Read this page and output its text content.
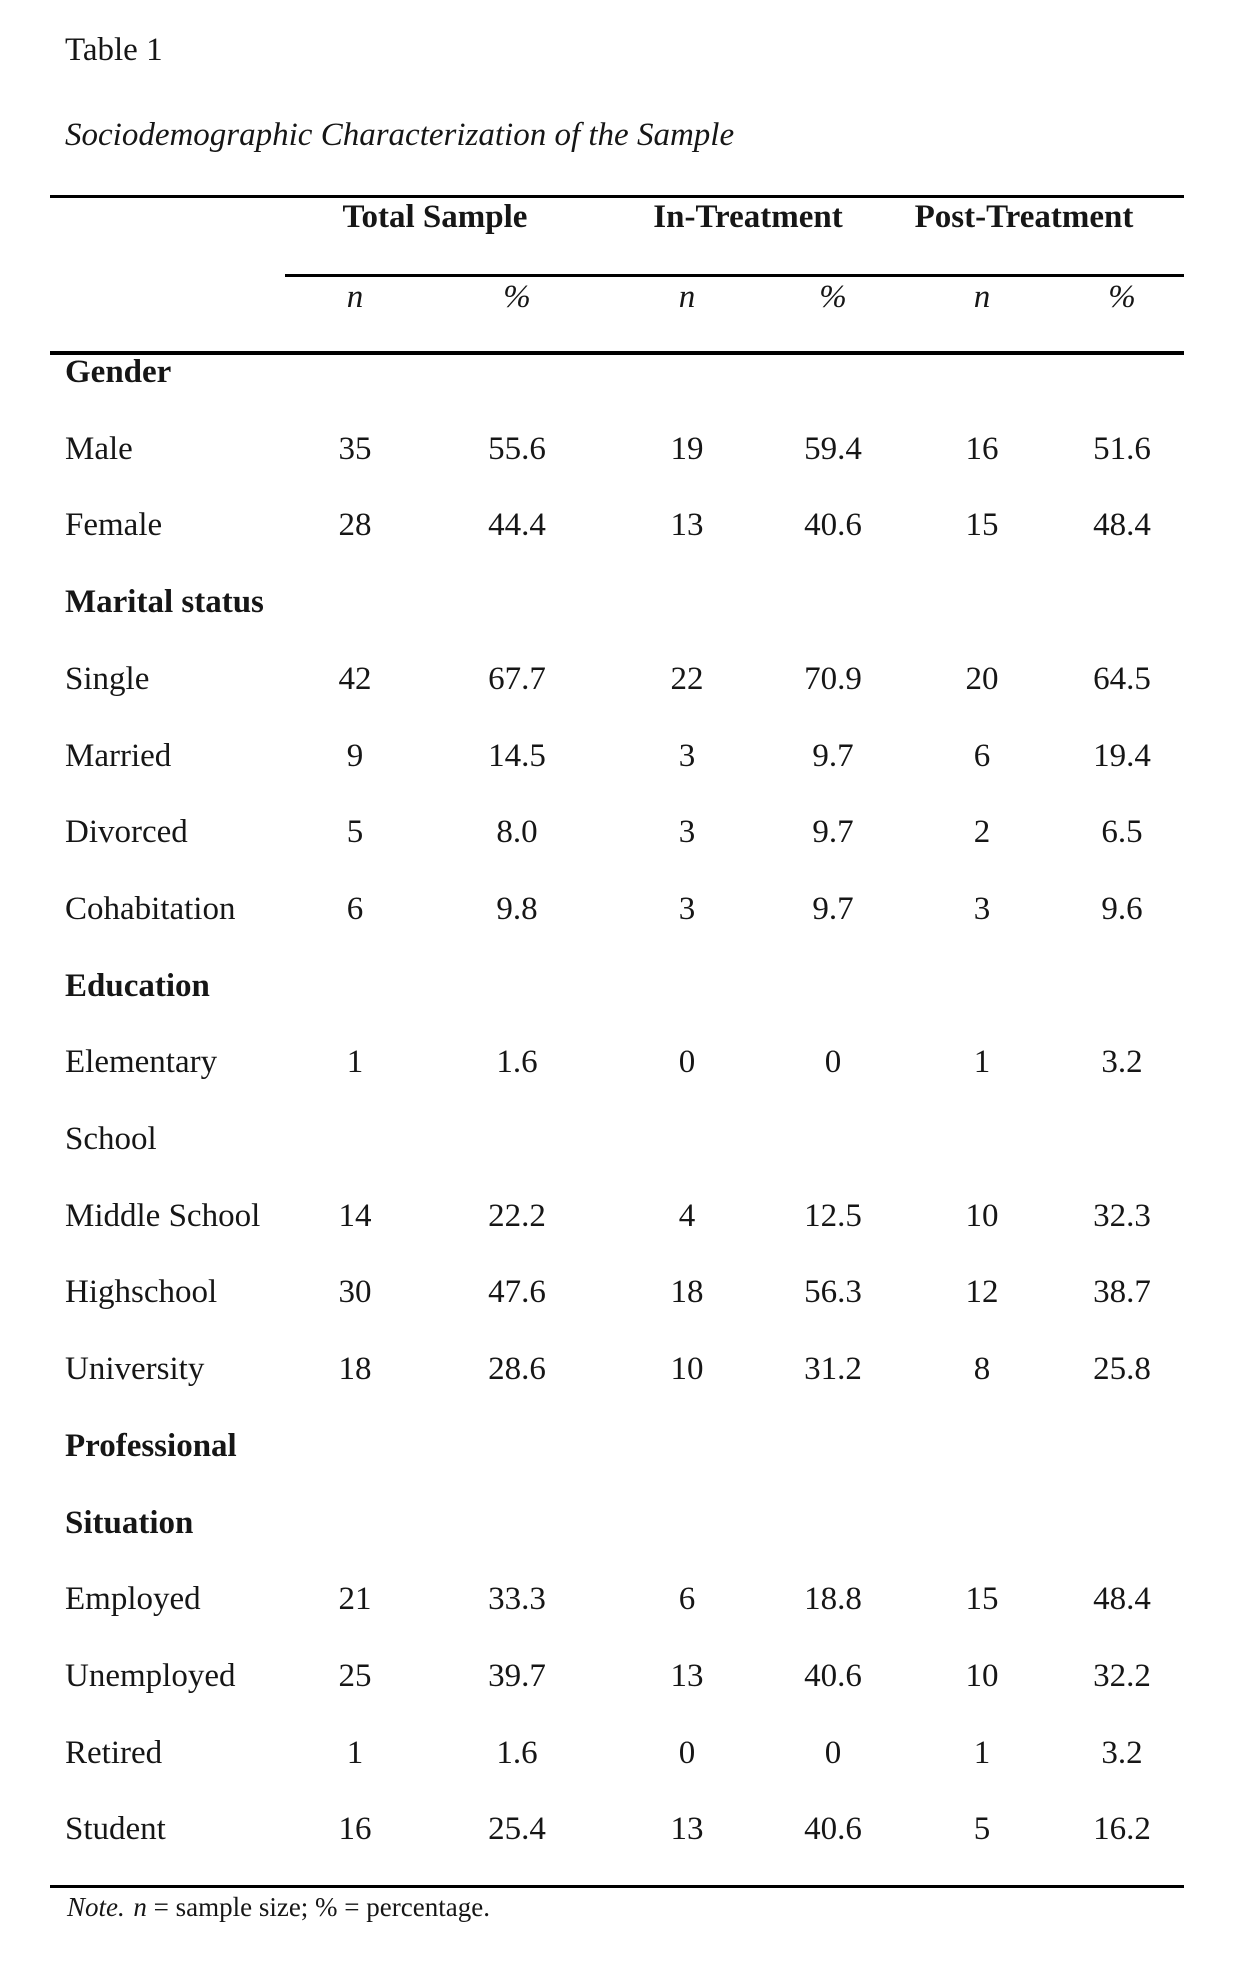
Table 1
Sociodemographic Characterization of the Sample
Total Sample	In-Treatment Post-Treatment
n	%	n	%	n	%
Gender
Male	35	55.6	19	59.4	16	51.6
Female	28	44.4	13	40.6	15	48.4
Marital status
Single	42	67.7	22	70.9	20	64.5
Married	9	14.5	3	9.7	6	19.4
Divorced	5	8.0	3	9.7	2	6.5
Cohabitation	6	9.8	3	9.7	3	9.6
Education
Elementary	1	1.6	0	0	1	3.2
School
Middle School 14	22.2	4	12.5	10	32.3
Highschool	30	47.6	18	56.3	12	38.7
University	18	28.6	10	31.2	8	25.8
Professional
Situation
Employed	21	33.3	6	18.8	15	48.4
Unemployed	25	39.7	13	40.6	10	32.2
Retired	1	1.6	0	0	1	3.2
Student	16	25.4	13	40.6	5	16.2
Note. n = sample size; % = percentage.
